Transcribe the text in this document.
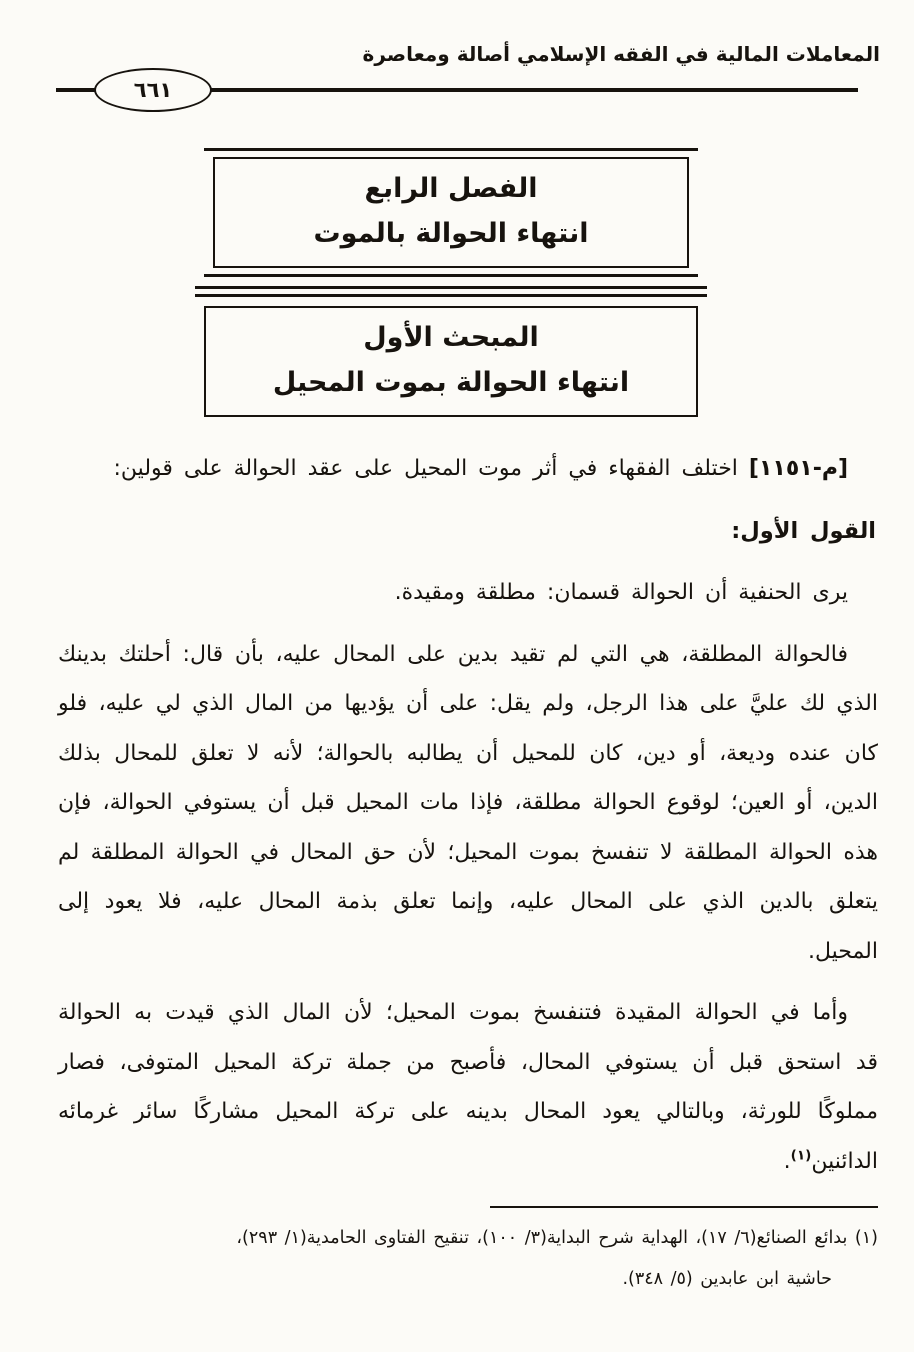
المعاملات المالية في الفقه الإسلامي أصالة ومعاصرة
٦٦١
الفصل الرابع
انتهاء الحوالة بالموت
المبحث الأول
انتهاء الحوالة بموت المحيل

[م-١١٥١] اختلف الفقهاء في أثر موت المحيل على عقد الحوالة على قولين:

القول الأول:

يرى الحنفية أن الحوالة قسمان: مطلقة ومقيدة.

فالحوالة المطلقة، هي التي لم تقيد بدين على المحال عليه، بأن قال: أحلتك بدينك الذي لك عليَّ على هذا الرجل، ولم يقل: على أن يؤديها من المال الذي لي عليه، فلو كان عنده وديعة، أو دين، كان للمحيل أن يطالبه بالحوالة؛ لأنه لا تعلق للمحال بذلك الدين، أو العين؛ لوقوع الحوالة مطلقة، فإذا مات المحيل قبل أن يستوفي الحوالة، فإن هذه الحوالة المطلقة لا تنفسخ بموت المحيل؛ لأن حق المحال في الحوالة المطلقة لم يتعلق بالدين الذي على المحال عليه، وإنما تعلق بذمة المحال عليه، فلا يعود إلى المحيل.

وأما في الحوالة المقيدة فتنفسخ بموت المحيل؛ لأن المال الذي قيدت به الحوالة قد استحق قبل أن يستوفي المحال، فأصبح من جملة تركة المحيل المتوفى، فصار مملوكًا للورثة، وبالتالي يعود المحال بدينه على تركة المحيل مشاركًا سائر غرمائه الدائنين$^{(١)}$.

(١) بدائع الصنائع(٦/ ١٧)، الهداية شرح البداية(٣/ ١٠٠)، تنقيح الفتاوى الحامدية(١/ ٢٩٣)،

حاشية ابن عابدين (٥/ ٣٤٨).
